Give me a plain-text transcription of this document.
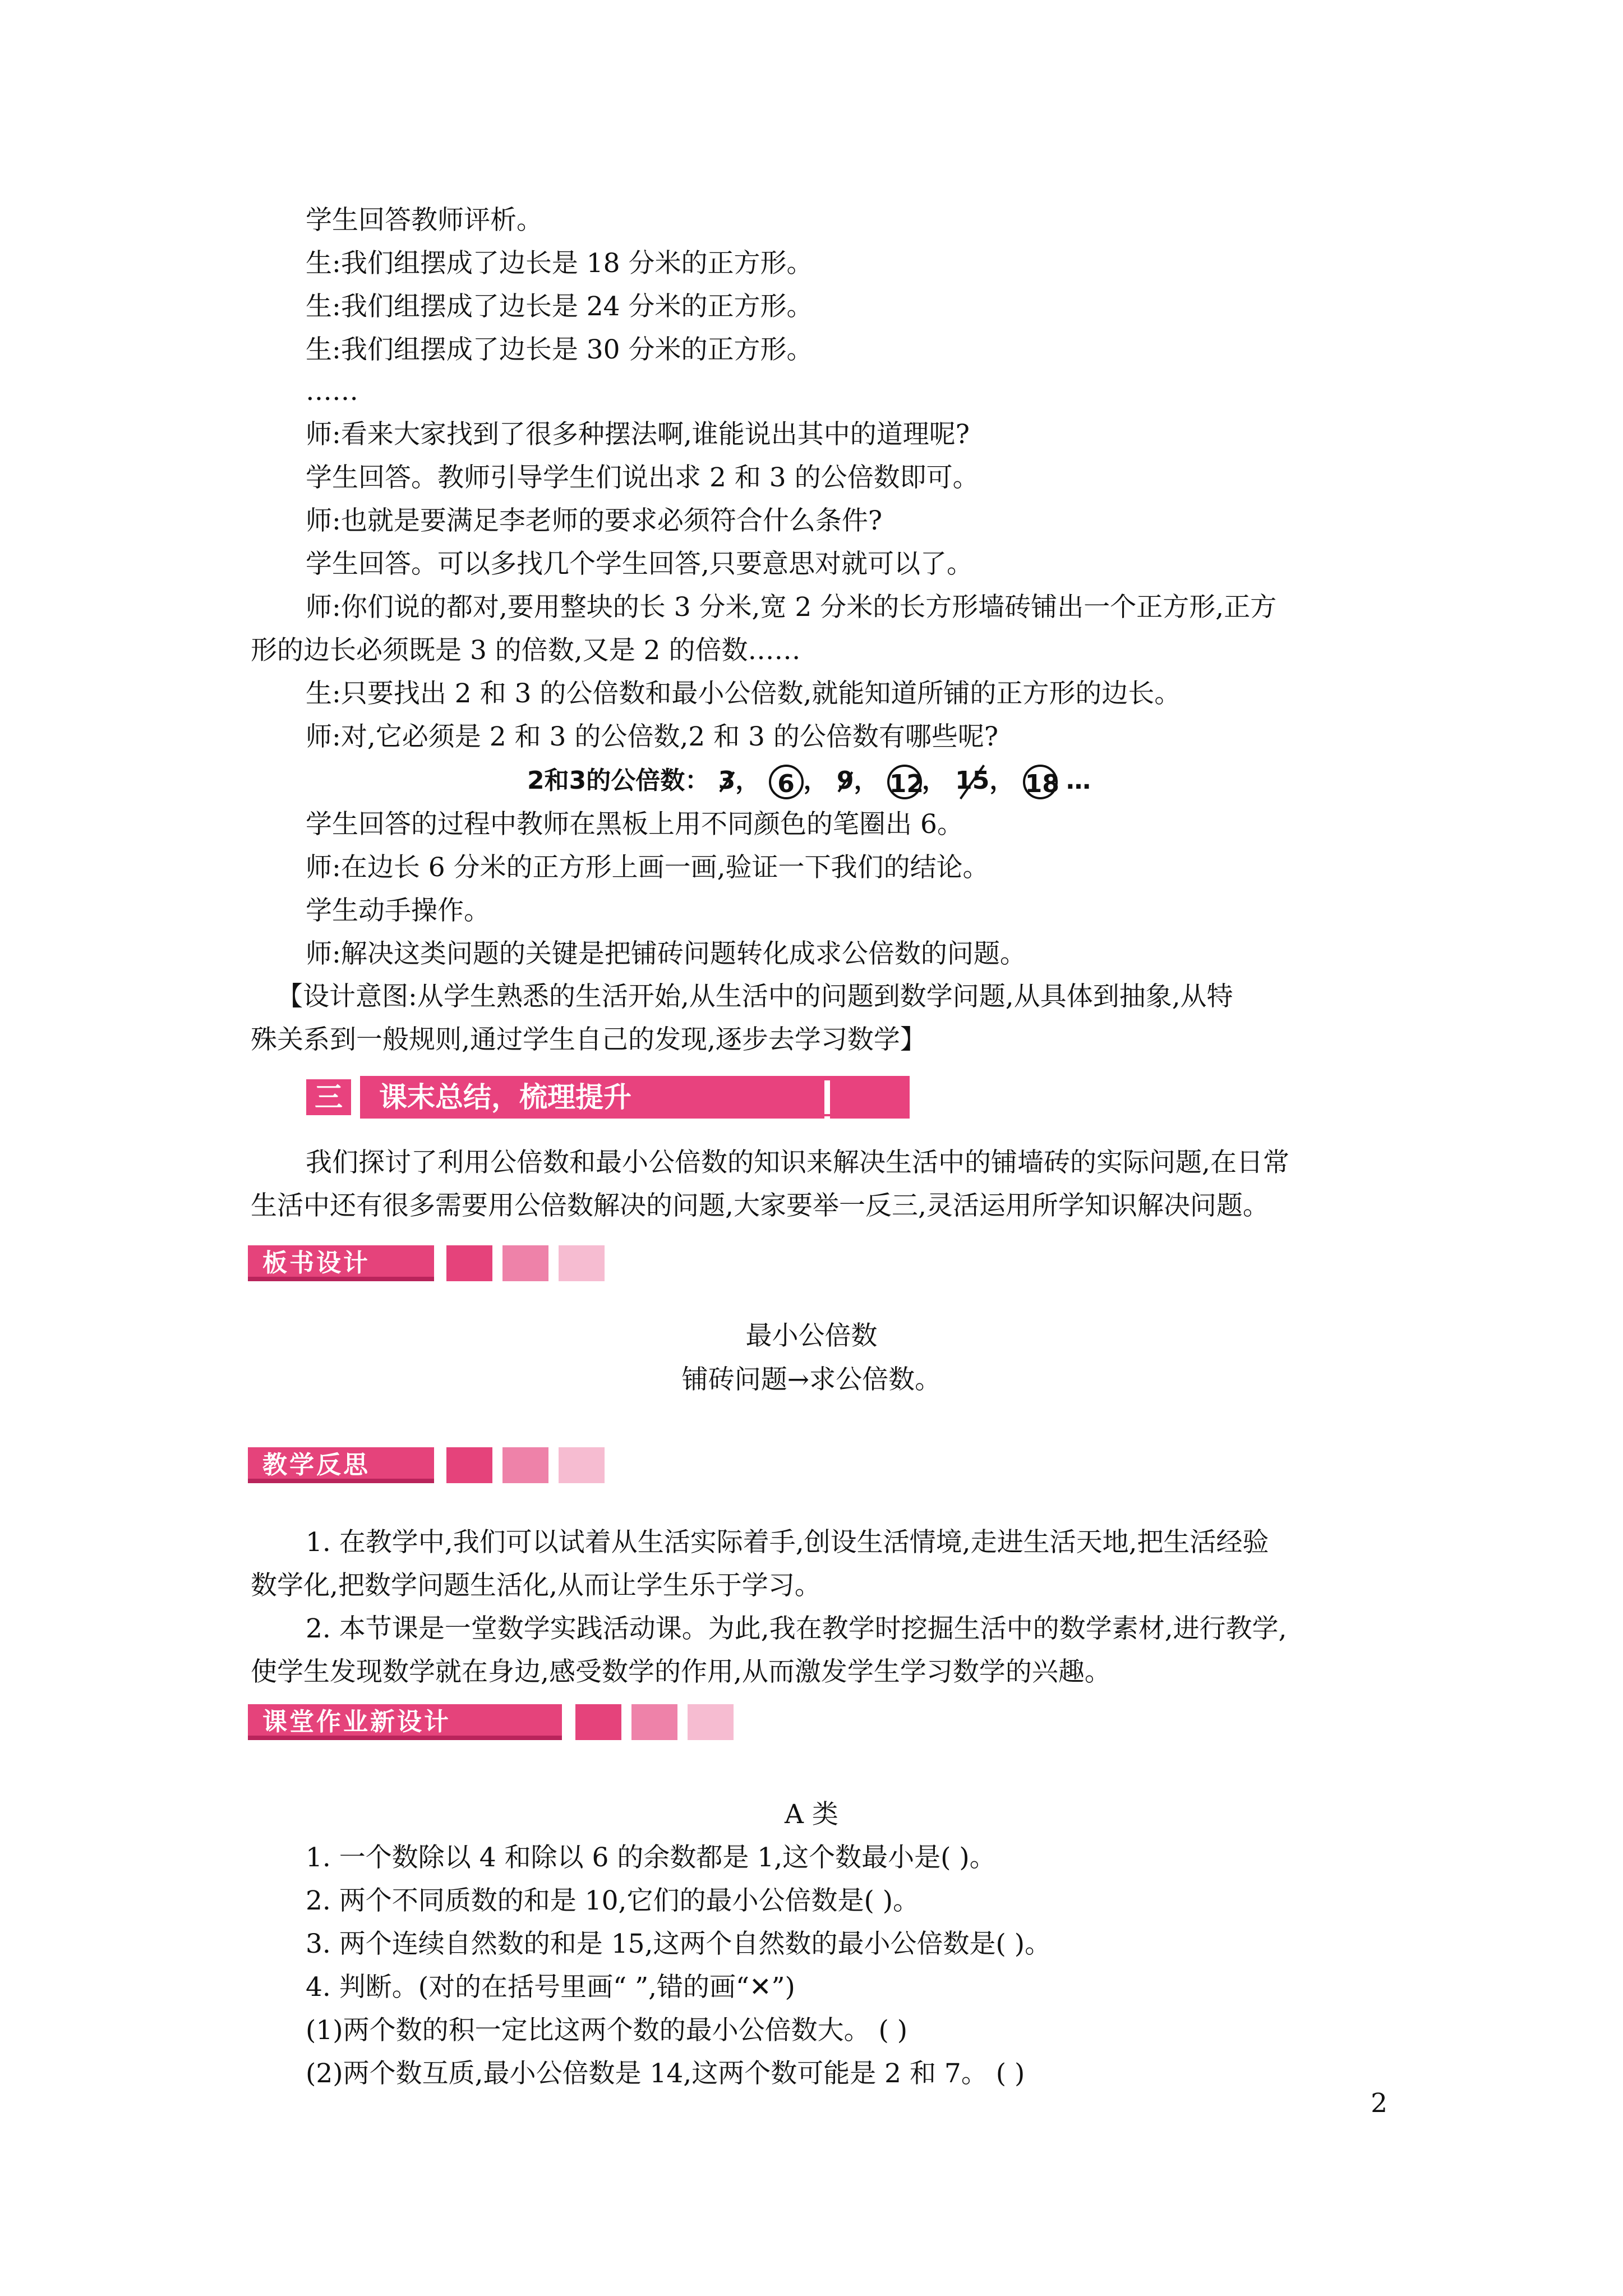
学生回答教师评析。
生:我们组摆成了边长是 18 分米的正方形。
生:我们组摆成了边长是 24 分米的正方形。
生:我们组摆成了边长是 30 分米的正方形。
……
师:看来大家找到了很多种摆法啊,谁能说出其中的道理呢?
学生回答。教师引导学生们说出求 2 和 3 的公倍数即可。
师:也就是要满足李老师的要求必须符合什么条件?
学生回答。可以多找几个学生回答,只要意思对就可以了。
师:你们说的都对,要用整块的长 3 分米,宽 2 分米的长方形墙砖铺出一个正方形,正方
形的边长必须既是 3 的倍数,又是 2 的倍数……
生:只要找出 2 和 3 的公倍数和最小公倍数,就能知道所铺的正方形的边长。
师:对,它必须是 2 和 3 的公倍数,2 和 3 的公倍数有哪些呢?
2和3的公倍数： 3， 6 ， 9， 12， 15， 18 …
学生回答的过程中教师在黑板上用不同颜色的笔圈出 6。
师:在边长 6 分米的正方形上画一画,验证一下我们的结论。
学生动手操作。
师:解决这类问题的关键是把铺砖问题转化成求公倍数的问题。
【设计意图:从学生熟悉的生活开始,从生活中的问题到数学问题,从具体到抽象,从特
殊关系到一般规则,通过学生自己的发现,逐步去学习数学】
三	课末总结，梳理提升
我们探讨了利用公倍数和最小公倍数的知识来解决生活中的铺墙砖的实际问题,在日常
生活中还有很多需要用公倍数解决的问题,大家要举一反三,灵活运用所学知识解决问题。
板书设计
最小公倍数
铺砖问题→求公倍数。
教学反思
1. 在教学中,我们可以试着从生活实际着手,创设生活情境,走进生活天地,把生活经验
数学化,把数学问题生活化,从而让学生乐于学习。
2. 本节课是一堂数学实践活动课。为此,我在教学时挖掘生活中的数学素材,进行教学,
使学生发现数学就在身边,感受数学的作用,从而激发学生学习数学的兴趣。
课堂作业新设计
A 类
1. 一个数除以 4 和除以 6 的余数都是 1,这个数最小是( )。
2. 两个不同质数的和是 10,它们的最小公倍数是( )。
3. 两个连续自然数的和是 15,这两个自然数的最小公倍数是( )。
4. 判断。(对的在括号里画“ ”,错的画“✕”)
(1)两个数的积一定比这两个数的最小公倍数大。 ( )
(2)两个数互质,最小公倍数是 14,这两个数可能是 2 和 7。 ( )
2
